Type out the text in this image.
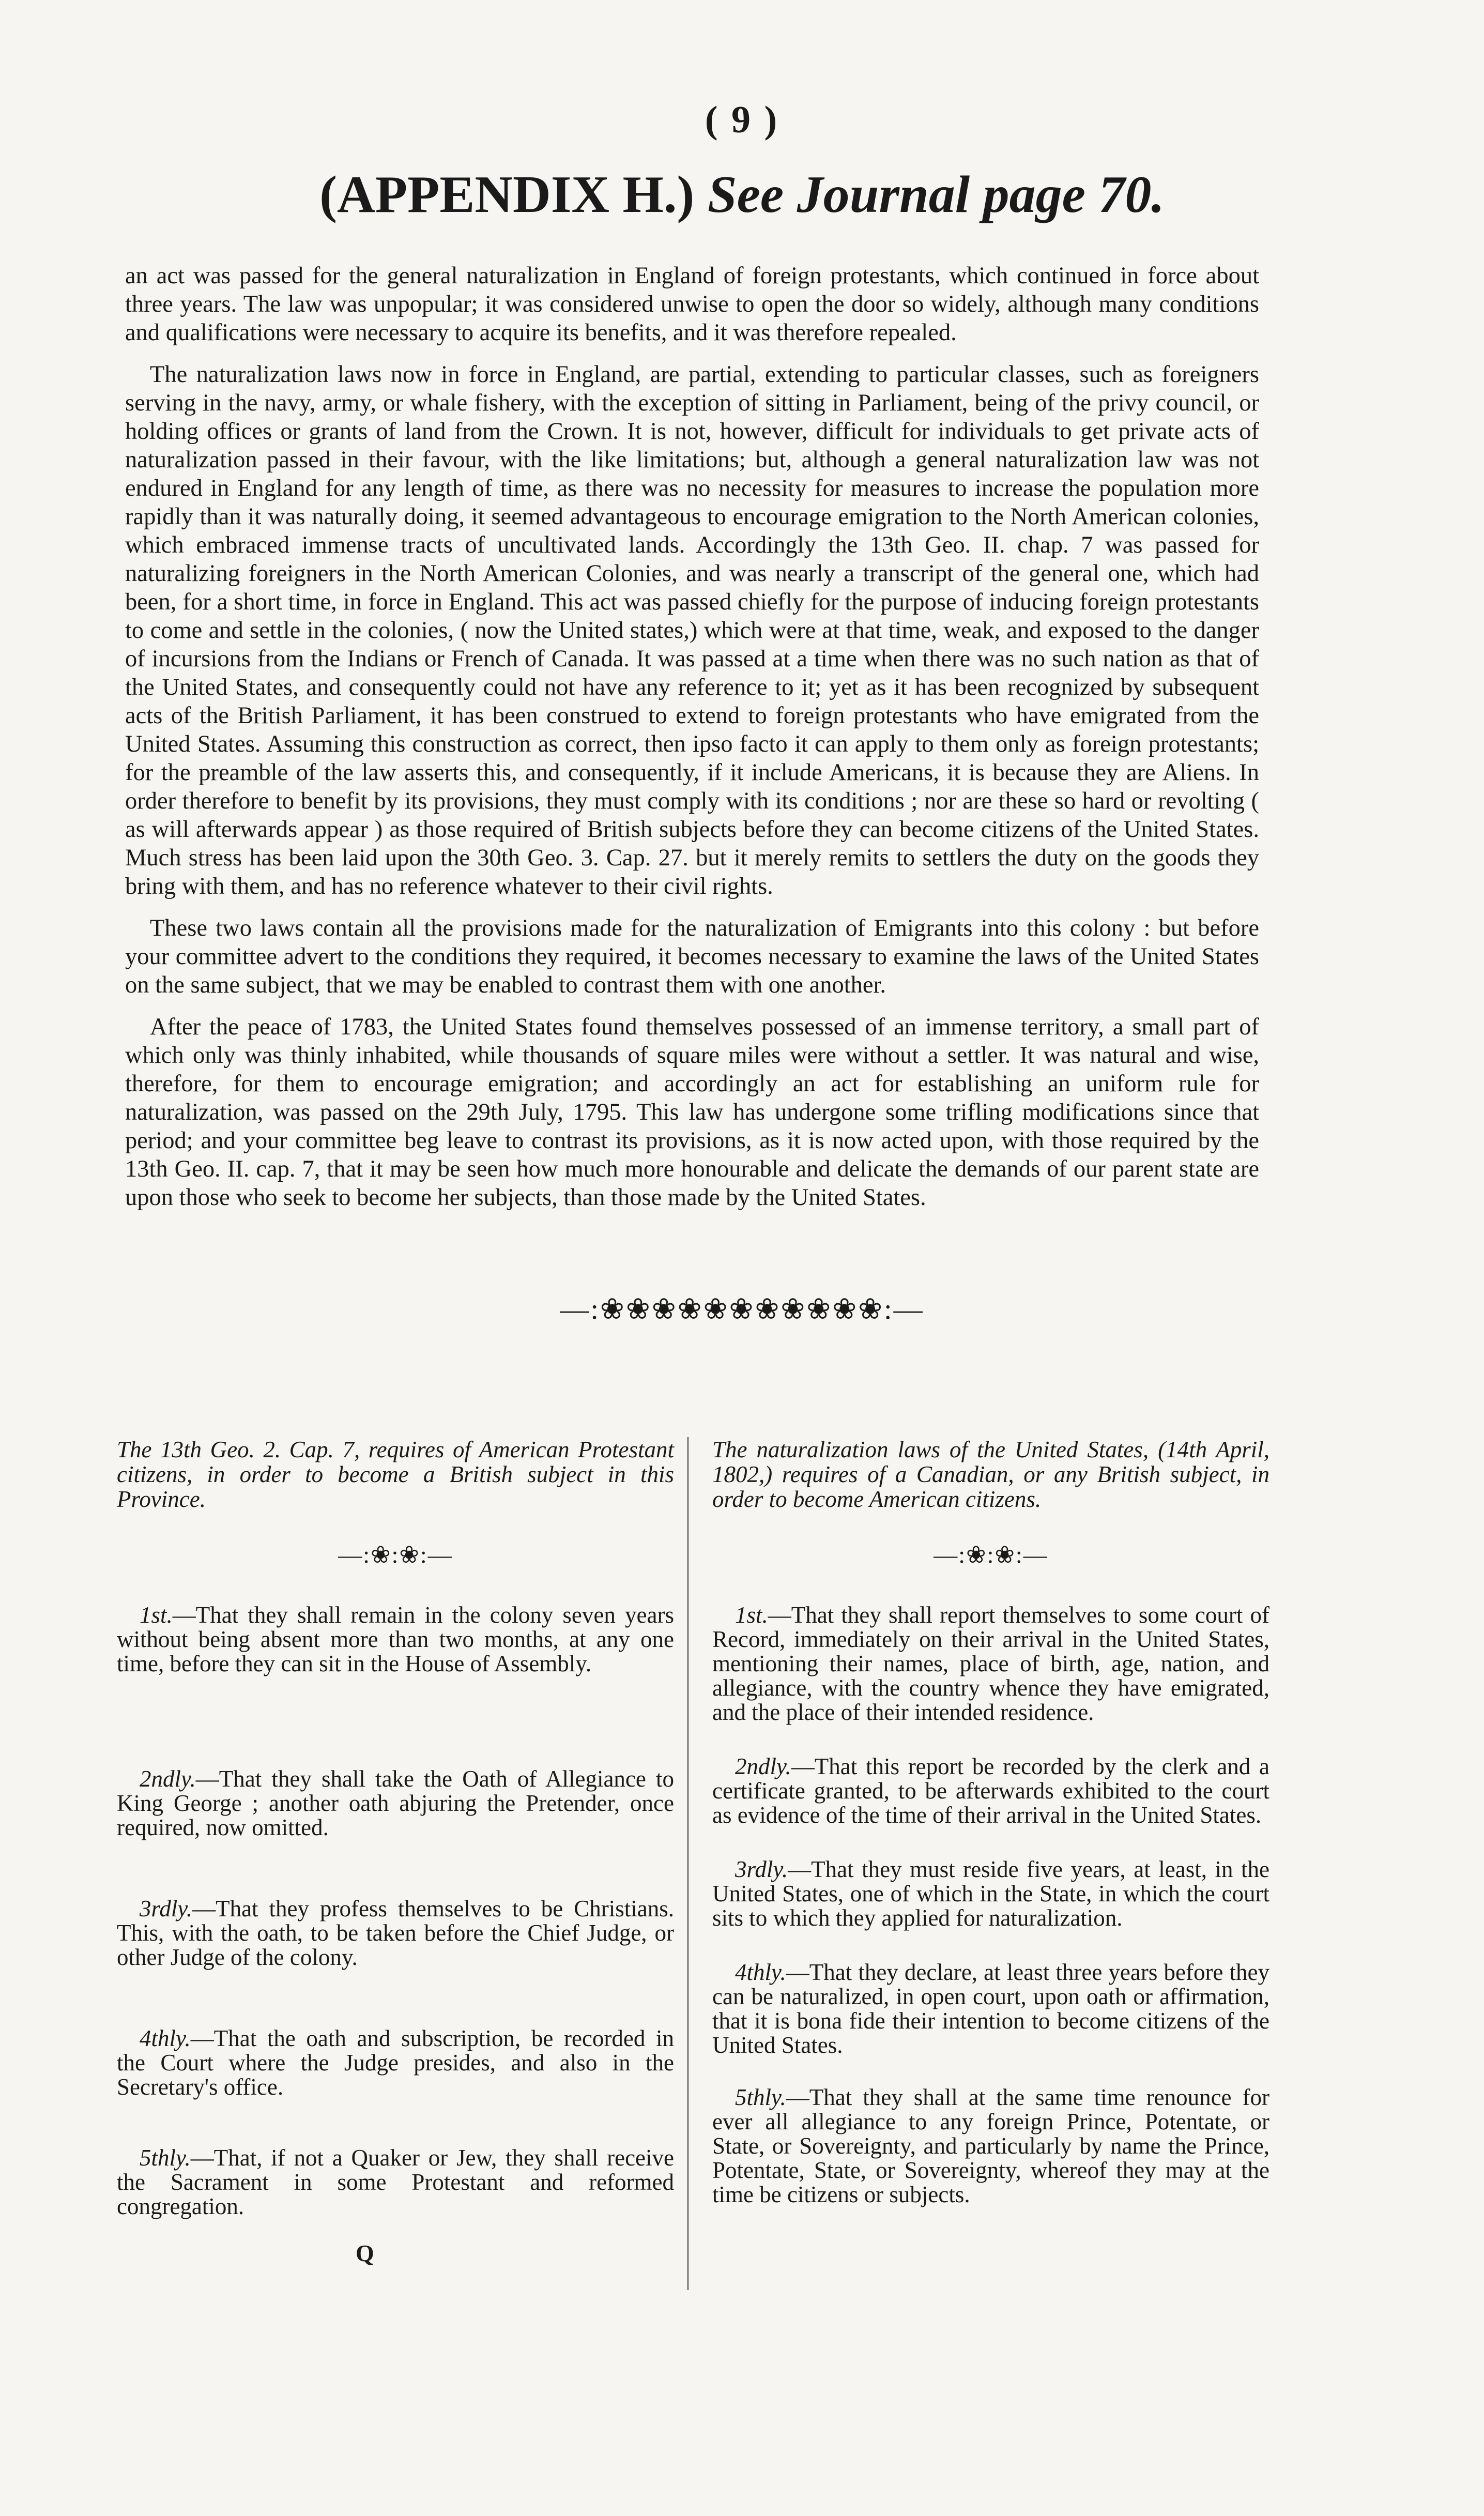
( 9 )
(APPENDIX H.) See Journal page 70.

an act was passed for the general naturalization in England of foreign protestants, which continued in force about three years. The law was unpopular; it was considered unwise to open the door so widely, although many conditions and qualifications were necessary to acquire its benefits, and it was therefore repealed.

The naturalization laws now in force in England, are partial, extending to particular classes, such as foreigners serving in the navy, army, or whale fishery, with the exception of sitting in Parliament, being of the privy council, or holding offices or grants of land from the Crown. It is not, however, difficult for individuals to get private acts of naturalization passed in their favour, with the like limitations; but, although a general naturalization law was not endured in England for any length of time, as there was no necessity for measures to increase the population more rapidly than it was naturally doing, it seemed advantageous to encourage emigration to the North American colonies, which embraced immense tracts of uncultivated lands. Accordingly the 13th Geo. II. chap. 7 was passed for naturalizing foreigners in the North American Colonies, and was nearly a transcript of the general one, which had been, for a short time, in force in England. This act was passed chiefly for the purpose of inducing foreign protestants to come and settle in the colonies, ( now the United states,) which were at that time, weak, and exposed to the danger of incursions from the Indians or French of Canada. It was passed at a time when there was no such nation as that of the United States, and consequently could not have any reference to it; yet as it has been recognized by subsequent acts of the British Parliament, it has been construed to extend to foreign protestants who have emigrated from the United States. Assuming this construction as correct, then ipso facto it can apply to them only as foreign protestants; for the preamble of the law asserts this, and consequently, if it include Americans, it is because they are Aliens. In order therefore to benefit by its provisions, they must comply with its conditions ; nor are these so hard or revolting ( as will afterwards appear ) as those required of British subjects before they can become citizens of the United States. Much stress has been laid upon the 30th Geo. 3. Cap. 27. but it merely remits to settlers the duty on the goods they bring with them, and has no reference whatever to their civil rights.

These two laws contain all the provisions made for the naturalization of Emigrants into this colony : but before your committee advert to the conditions they required, it becomes necessary to examine the laws of the United States on the same subject, that we may be enabled to contrast them with one another.

After the peace of 1783, the United States found themselves possessed of an immense territory, a small part of which only was thinly inhabited, while thousands of square miles were without a settler. It was natural and wise, therefore, for them to encourage emigration; and accordingly an act for establishing an uniform rule for naturalization, was passed on the 29th July, 1795. This law has undergone some trifling modifications since that period; and your committee beg leave to contrast its provisions, as it is now acted upon, with those required by the 13th Geo. II. cap. 7, that it may be seen how much more honourable and delicate the demands of our parent state are upon those who seek to become her subjects, than those made by the United States.

—:❀❀❀❀❀❀❀❀❀❀❀:—

The 13th Geo. 2. Cap. 7, requires of American Protestant citizens, in order to become a British subject in this Province.

—:❀:❀:—

1st.—That they shall remain in the colony seven years without being absent more than two months, at any one time, before they can sit in the House of Assembly.

2ndly.—That they shall take the Oath of Allegiance to King George ; another oath abjuring the Pretender, once required, now omitted.

3rdly.—That they profess themselves to be Christians. This, with the oath, to be taken before the Chief Judge, or other Judge of the colony.

4thly.—That the oath and subscription, be recorded in the Court where the Judge presides, and also in the Secretary's office.

5thly.—That, if not a Quaker or Jew, they shall receive the Sacrament in some Protestant and reformed congregation.

The naturalization laws of the United States, (14th April, 1802,) requires of a Canadian, or any British subject, in order to become American citizens.

—:❀:❀:—

1st.—That they shall report themselves to some court of Record, immediately on their arrival in the United States, mentioning their names, place of birth, age, nation, and allegiance, with the country whence they have emigrated, and the place of their intended residence.

2ndly.—That this report be recorded by the clerk and a certificate granted, to be afterwards exhibited to the court as evidence of the time of their arrival in the United States.

3rdly.—That they must reside five years, at least, in the United States, one of which in the State, in which the court sits to which they applied for naturalization.

4thly.—That they declare, at least three years before they can be naturalized, in open court, upon oath or affirmation, that it is bona fide their intention to become citizens of the United States.

5thly.—That they shall at the same time renounce for ever all allegiance to any foreign Prince, Potentate, or State, or Sovereignty, and particularly by name the Prince, Potentate, State, or Sovereignty, whereof they may at the time be citizens or subjects.

Q
